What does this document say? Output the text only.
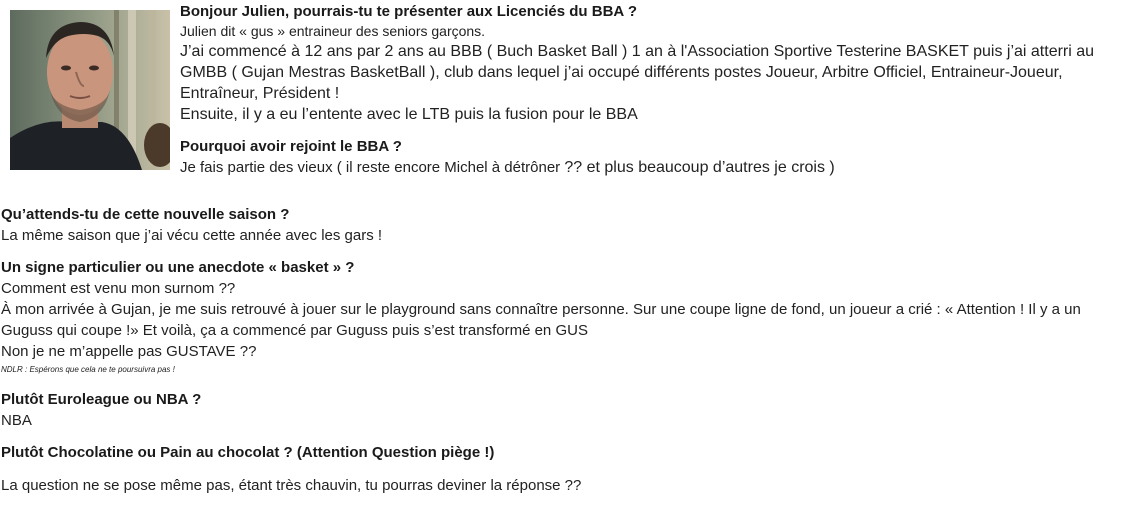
Bonjour Julien, pourrais-tu te présenter aux Licenciés du BBA ?
Julien dit « gus » entraineur des seniors garçons.
J’ai commencé à 12 ans par 2 ans au BBB ( Buch Basket Ball ) 1 an à l'Association Sportive Testerine BASKET puis j’ai atterri au GMBB ( Gujan Mestras BasketBall ), club dans lequel j’ai occupé différents postes Joueur, Arbitre Officiel, Entraineur-Joueur, Entraîneur, Président !
Ensuite, il y a eu l’entente avec le LTB puis la fusion pour le BBA
Pourquoi avoir rejoint le BBA ?
Je fais partie des vieux ( il reste encore Michel à détrôner ?? et plus beaucoup d’autres je crois )
Qu’attends-tu de cette nouvelle saison ?
La même saison que j’ai vécu cette année avec les gars !
Un signe particulier ou une anecdote « basket » ?
Comment est venu mon surnom ??
À mon arrivée à Gujan, je me suis retrouvé à jouer sur le playground sans connaître personne. Sur une coupe ligne de fond, un joueur a crié : « Attention ! Il y a un Guguss qui coupe !» Et voilà, ça a commencé par Guguss puis s’est transformé en GUS
Non je ne m’appelle pas GUSTAVE ??
NDLR : Espérons que cela ne te poursuivra pas !
Plutôt Euroleague ou NBA ?
NBA
Plutôt Chocolatine ou Pain au chocolat ? (Attention Question piège !)
La question ne se pose même pas, étant très chauvin, tu pourras deviner la réponse ??
